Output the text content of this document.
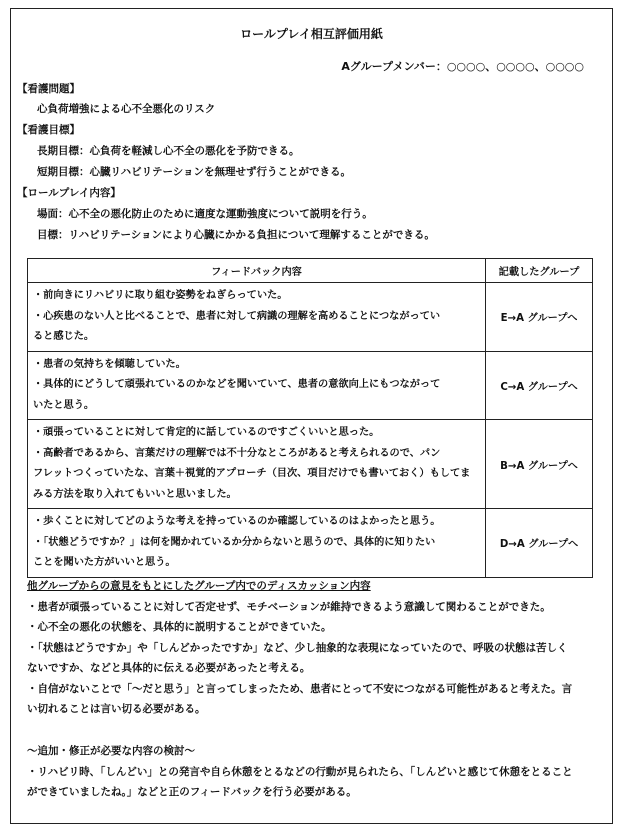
ロールプレイ相互評価用紙
Aグループメンバー：○○○○、○○○○、○○○○
【看護問題】
心負荷増強による心不全悪化のリスク
【看護目標】
長期目標：心負荷を軽減し心不全の悪化を予防できる。
短期目標：心臓リハビリテーションを無理せず行うことができる。
【ロールプレイ内容】
場面：心不全の悪化防止のために適度な運動強度について説明を行う。
目標：リハビリテーションにより心臓にかかる負担について理解することができる。
フィードバック内容	記載したグループ

・前向きにリハビリに取り組む姿勢をねぎらっていた。
・心疾患のない人と比べることで、患者に対して病識の理解を高めることにつながってい
ると感じた。	E→A グループへ

・患者の気持ちを傾聴していた。
・具体的にどうして頑張れているのかなどを聞いていて、患者の意欲向上にもつながって
いたと思う。	C→A グループへ

・頑張っていることに対して肯定的に話しているのですごくいいと思った。
・高齢者であるから、言葉だけの理解では不十分なところがあると考えられるので、パン
フレットつくっていたな、言葉＋視覚的アプローチ（目次、項目だけでも書いておく）もしてま
みる方法を取り入れてもいいと思いました。	B→A グループへ

・歩くことに対してどのような考えを持っているのか確認しているのはよかったと思う。
・「状態どうですか？」は何を聞かれているか分からないと思うので、具体的に知りたい
ことを聞いた方がいいと思う。	D→A グループへ
他グループからの意見をもとにしたグループ内でのディスカッション内容
・患者が頑張っていることに対して否定せず、モチベーションが維持できるよう意識して関わることができた。
・心不全の悪化の状態を、具体的に説明することができていた。
・「状態はどうですか」や「しんどかったですか」など、少し抽象的な表現になっていたので、呼吸の状態は苦しく
ないですか、などと具体的に伝える必要があったと考える。
・自信がないことで「～だと思う」と言ってしまったため、患者にとって不安につながる可能性があると考えた。言
い切れることは言い切る必要がある。
～追加・修正が必要な内容の検討～
・リハビリ時、「しんどい」との発言や自ら休憩をとるなどの行動が見られたら、「しんどいと感じて休憩をとること
ができていましたね。」などと正のフィードバックを行う必要がある。
